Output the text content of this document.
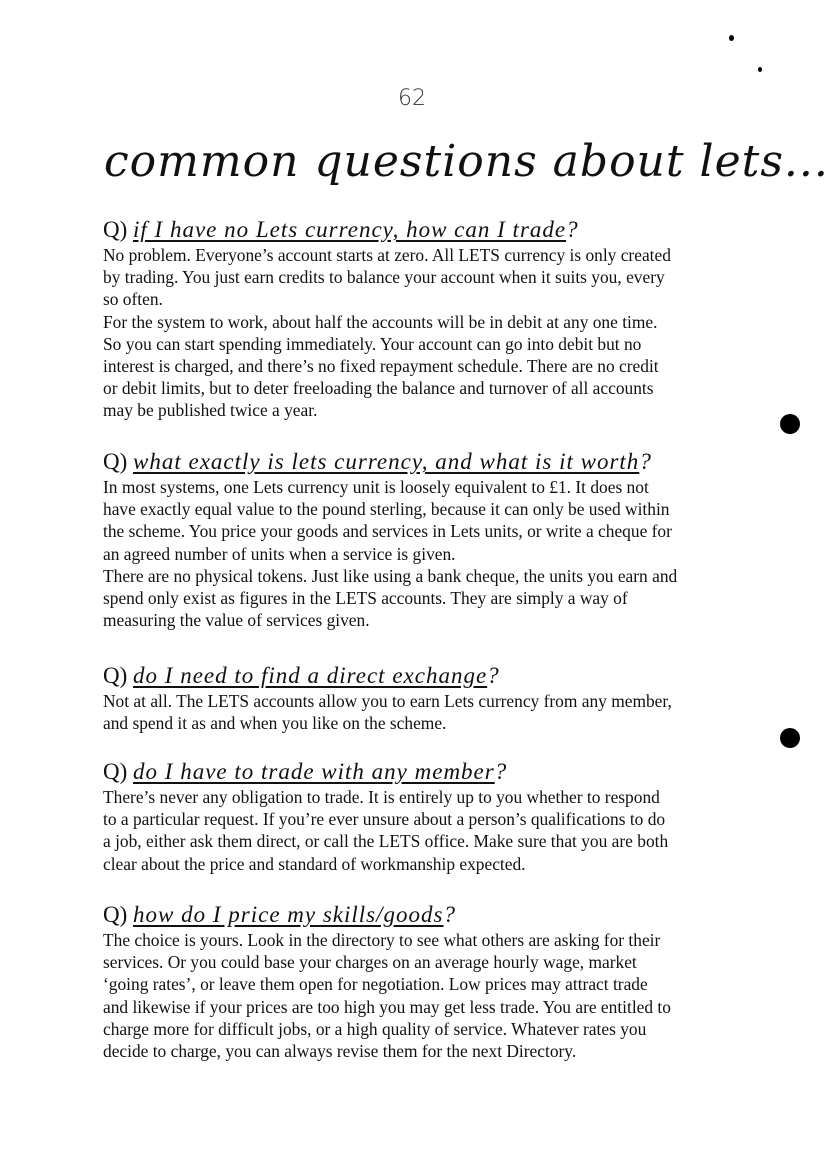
62
common questions about lets...

Q) if I have no Lets currency, how can I trade?

No problem. Everyone’s account starts at zero. All LETS currency is only created

by trading. You just earn credits to balance your account when it suits you, every

so often.

For the system to work, about half the accounts will be in debit at any one time.

So you can start spending immediately. Your account can go into debit but no

interest is charged, and there’s no fixed repayment schedule. There are no credit

or debit limits, but to deter freeloading the balance and turnover of all accounts

may be published twice a year.

Q) what exactly is lets currency, and what is it worth?

In most systems, one Lets currency unit is loosely equivalent to £1. It does not

have exactly equal value to the pound sterling, because it can only be used within

the scheme. You price your goods and services in Lets units, or write a cheque for

an agreed number of units when a service is given.

There are no physical tokens. Just like using a bank cheque, the units you earn and

spend only exist as figures in the LETS accounts. They are simply a way of

measuring the value of services given.

Q) do I need to find a direct exchange?

Not at all. The LETS accounts allow you to earn Lets currency from any member,

and spend it as and when you like on the scheme.

Q) do I have to trade with any member?

There’s never any obligation to trade. It is entirely up to you whether to respond

to a particular request. If you’re ever unsure about a person’s qualifications to do

a job, either ask them direct, or call the LETS office. Make sure that you are both

clear about the price and standard of workmanship expected.

Q) how do I price my skills/goods?

The choice is yours. Look in the directory to see what others are asking for their

services. Or you could base your charges on an average hourly wage, market

‘going rates’, or leave them open for negotiation. Low prices may attract trade

and likewise if your prices are too high you may get less trade. You are entitled to

charge more for difficult jobs, or a high quality of service. Whatever rates you

decide to charge, you can always revise them for the next Directory.
